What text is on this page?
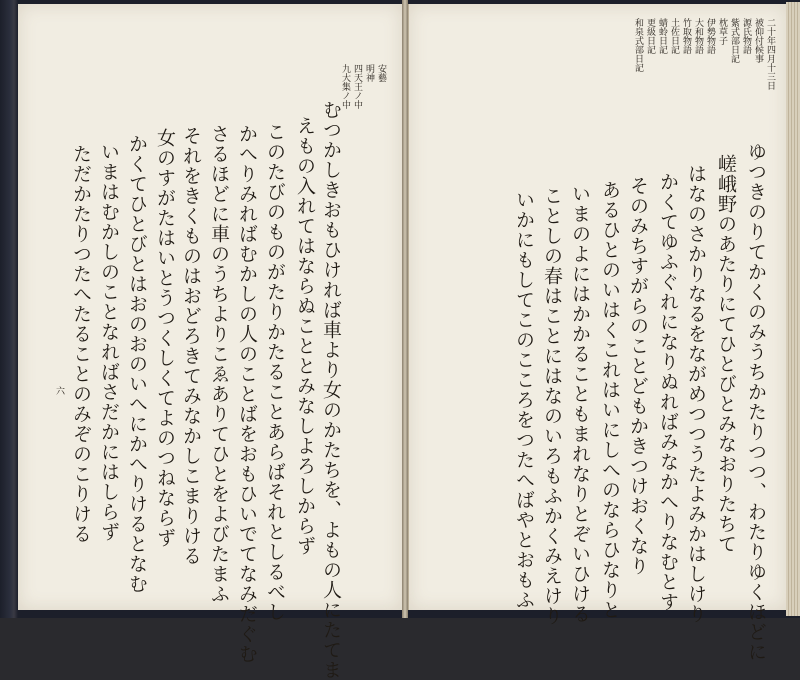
九大集ノ中 四天王ノ中 明神 安藝
むつかしきおもひければ車より女のかたちを、よもの人にたてま
えもの入れてはならぬこととみなしよろしからず
このたびのものがたりかたることあらばそれとしるべし
かへりみればむかしの人のことばをおもひいでてなみだぐむ
さるほどに車のうちよりこゑありてひとをよびたまふ
それをきくものはおどろきてみなかしこまりける
女のすがたはいとうつくしくてよのつねならず
かくてひとびとはおのおのいへにかへりけるとなむ
いまはむかしのことなればさだかにはしらず
ただかたりつたへたることのみぞのこりける
六
二十年四月十三日
被仰付候事
源氏物語
紫式部日記
枕草子
伊勢物語
大和物語
竹取物語
土佐日記
蜻蛉日記
更級日記
和泉式部日記
ゆつきのりてかくのみうちかたりつつ、わたりゆくほどに
嵯峨野のあたりにてひとびとみなおりたちて
はなのさかりなるをながめつつうたよみかはしけり
かくてゆふぐれになりぬればみなかへりなむとす
そのみちすがらのことどもかきつけおくなり
あるひとのいはくこれはいにしへのならひなりと
いまのよにはかかることもまれなりとぞいひける
ことしの春はことにはなのいろもふかくみえけり
いかにもしてこのこころをつたへばやとおもふ
